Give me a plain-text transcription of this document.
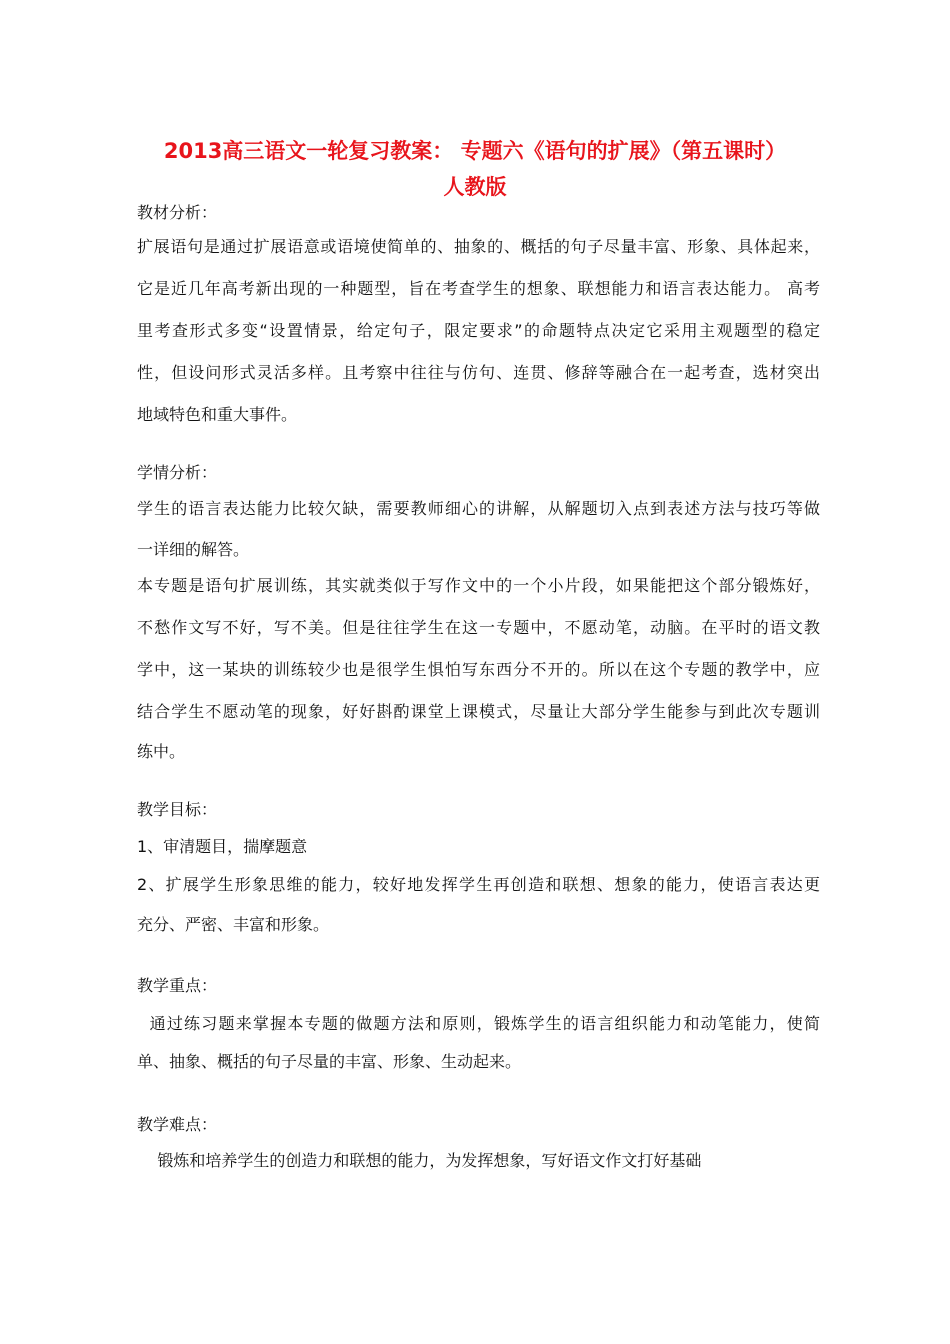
2013高三语文一轮复习教案： 专题六《语句的扩展》（第五课时）
人教版
教材分析：
扩展语句是通过扩展语意或语境使简单的、抽象的、概括的句子尽量丰富、形象、具体起来，
它是近几年高考新出现的一种题型，旨在考查学生的想象、联想能力和语言表达能力。 高考
里考查形式多变“设置情景，给定句子，限定要求”的命题特点决定它采用主观题型的稳定
性，但设问形式灵活多样。且考察中往往与仿句、连贯、修辞等融合在一起考查，选材突出
地域特色和重大事件。
学情分析：
学生的语言表达能力比较欠缺，需要教师细心的讲解，从解题切入点到表述方法与技巧等做
一详细的解答。
本专题是语句扩展训练，其实就类似于写作文中的一个小片段，如果能把这个部分锻炼好，
不愁作文写不好，写不美。但是往往学生在这一专题中，不愿动笔，动脑。在平时的语文教
学中，这一某块的训练较少也是很学生惧怕写东西分不开的。所以在这个专题的教学中，应
结合学生不愿动笔的现象，好好斟酌课堂上课模式，尽量让大部分学生能参与到此次专题训
练中。
教学目标：
1、审清题目，揣摩题意
2、扩展学生形象思维的能力，较好地发挥学生再创造和联想、想象的能力，使语言表达更
充分、严密、丰富和形象。
教学重点：
通过练习题来掌握本专题的做题方法和原则，锻炼学生的语言组织能力和动笔能力，使简
单、抽象、概括的句子尽量的丰富、形象、生动起来。
教学难点：
锻炼和培养学生的创造力和联想的能力，为发挥想象，写好语文作文打好基础
